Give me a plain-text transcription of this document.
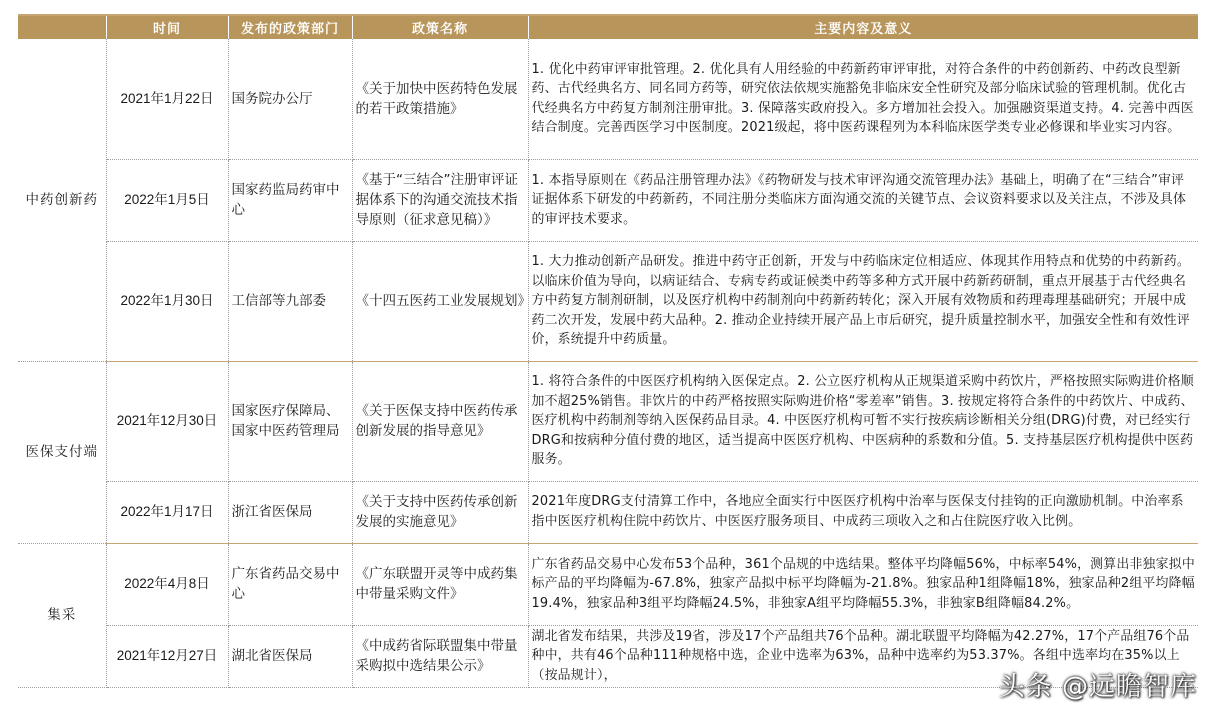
	时间	发布的政策部门	政策名称	主要内容及意义
中药创新药	2021年1月22日	国务院办公厅	《关于加快中医药特色发展的若干政策措施》	1. 优化中药审评审批管理。2. 优化具有人用经验的中药新药审评审批，对符合条件的中药创新药、中药改良型新药、古代经典名方、同名同方药等，研究依法依规实施豁免非临床安全性研究及部分临床试验的管理机制。优化古代经典名方中药复方制剂注册审批。3. 保障落实政府投入。多方增加社会投入。加强融资渠道支持。4. 完善中西医结合制度。完善西医学习中医制度。2021级起，将中医药课程列为本科临床医学类专业必修课和毕业实习内容。
	2022年1月5日	国家药监局药审中心	《基于“三结合”注册审评证据体系下的沟通交流技术指导原则（征求意见稿）》	1. 本指导原则在《药品注册管理办法》《药物研发与技术审评沟通交流管理办法》基础上，明确了在“三结合”审评证据体系下研发的中药新药，不同注册分类临床方面沟通交流的关键节点、会议资料要求以及关注点，不涉及具体的审评技术要求。
	2022年1月30日	工信部等九部委	《十四五医药工业发展规划》	1. 大力推动创新产品研发。推进中药守正创新，开发与中药临床定位相适应、体现其作用特点和优势的中药新药。以临床价值为导向，以病证结合、专病专药或证候类中药等多种方式开展中药新药研制，重点开展基于古代经典名方中药复方制剂研制，以及医疗机构中药制剂向中药新药转化；深入开展有效物质和药理毒理基础研究；开展中成药二次开发，发展中药大品种。2. 推动企业持续开展产品上市后研究，提升质量控制水平，加强安全性和有效性评价，系统提升中药质量。
医保支付端	2021年12月30日	国家医疗保障局、国家中医药管理局	《关于医保支持中医药传承创新发展的指导意见》	1. 将符合条件的中医医疗机构纳入医保定点。2. 公立医疗机构从正规渠道采购中药饮片，严格按照实际购进价格顺加不超25%销售。非饮片的中药严格按照实际购进价格“零差率”销售。3. 按规定将符合条件的中药饮片、中成药、医疗机构中药制剂等纳入医保药品目录。4. 中医医疗机构可暂不实行按疾病诊断相关分组(DRG)付费，对已经实行DRG和按病种分值付费的地区，适当提高中医医疗机构、中医病种的系数和分值。5. 支持基层医疗机构提供中医药服务。
	2022年1月17日	浙江省医保局	《关于支持中医药传承创新发展的实施意见》	2021年度DRG支付清算工作中，各地应全面实行中医医疗机构中治率与医保支付挂钩的正向激励机制。中治率系指中医医疗机构住院中药饮片、中医医疗服务项目、中成药三项收入之和占住院医疗收入比例。
集采	2022年4月8日	广东省药品交易中心	《广东联盟开灵等中成药集中带量采购文件》	广东省药品交易中心发布53个品种，361个品规的中选结果。整体平均降幅56%，中标率54%，测算出非独家拟中标产品的平均降幅为-67.8%，独家产品拟中标平均降幅为-21.8%。独家品种1组降幅18%，独家品种2组平均降幅19.4%，独家品种3组平均降幅24.5%，非独家A组平均降幅55.3%，非独家B组降幅84.2%。
	2021年12月27日	湖北省医保局	《中成药省际联盟集中带量采购拟中选结果公示》	湖北省发布结果，共涉及19省，涉及17个产品组共76个品种。湖北联盟平均降幅为42.27%，17个产品组76个品种中，共有46个品种111种规格中选，企业中选率为63%，品种中选率约为53.37%。各组中选率均在35%以上（按品规计），	头条 @远瞻智库
